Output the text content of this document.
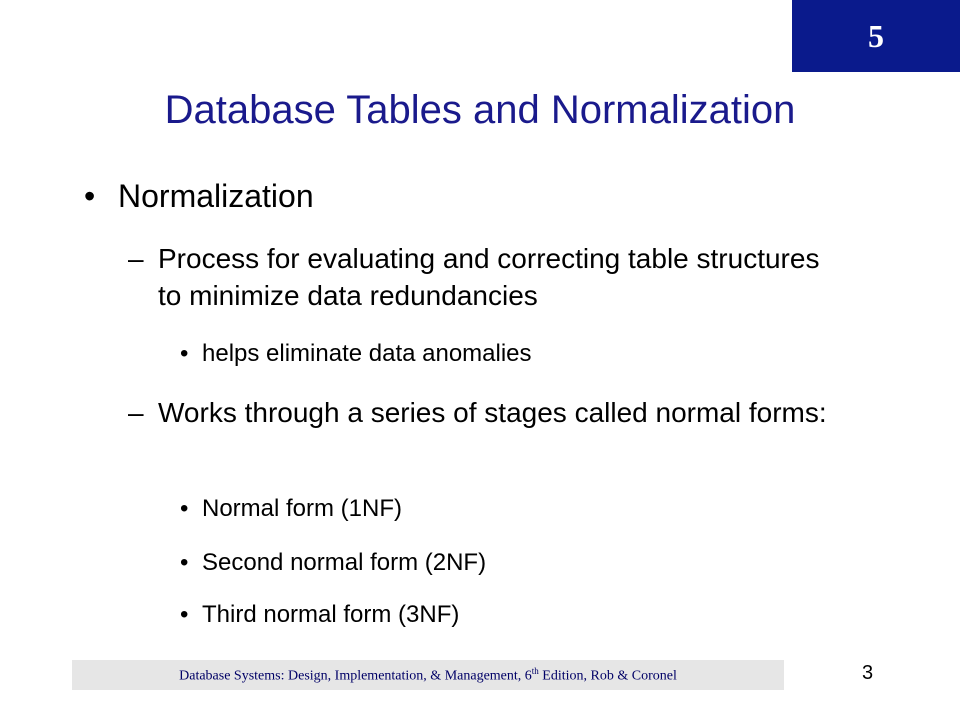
5
Database Tables and Normalization
• Normalization
– Process for evaluating and correcting table structures to minimize data redundancies
• helps eliminate data anomalies
– Works through a series of stages called normal forms:
• Normal form (1NF)
• Second normal form (2NF)
• Third normal form (3NF)
Database Systems: Design, Implementation, & Management, 6th Edition, Rob & Coronel	3
